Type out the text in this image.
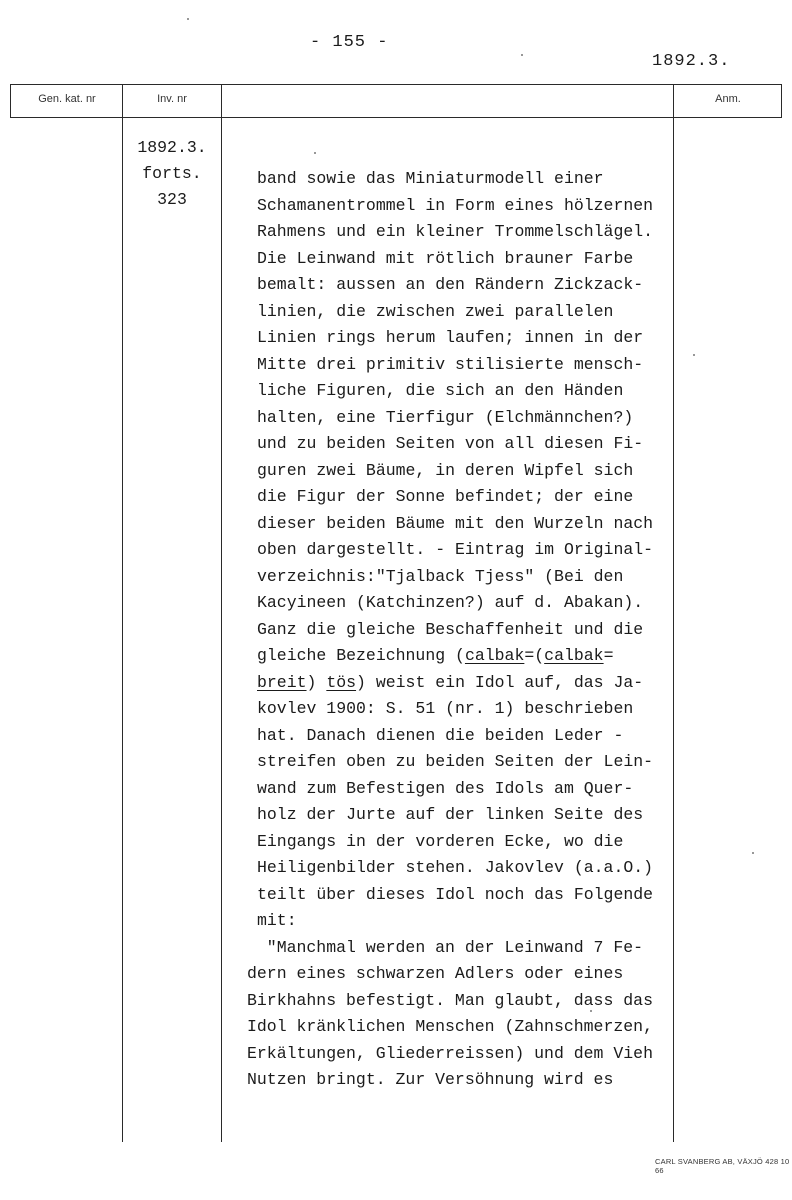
- 155 -
1892.3.
Gen. kat. nr	Inv. nr	Anm.
1892.3.
forts.
323
band sowie das Miniaturmodell einer
Schamanentrommel in Form eines hölzernen
Rahmens und ein kleiner Trommelschlägel.
Die Leinwand mit rötlich brauner Farbe
bemalt: aussen an den Rändern Zickzack-
linien, die zwischen zwei parallelen
Linien rings herum laufen; innen in der
Mitte drei primitiv stilisierte mensch-
liche Figuren, die sich an den Händen
halten, eine Tierfigur (Elchmännchen?)
und zu beiden Seiten von all diesen Fi-
guren zwei Bäume, in deren Wipfel sich
die Figur der Sonne befindet; der eine
dieser beiden Bäume mit den Wurzeln nach
oben dargestellt. - Eintrag im Original-
verzeichnis:"Tjalback Tjess" (Bei den
Kacyineen (Katchinzen?) auf d. Abakan).
Ganz die gleiche Beschaffenheit und die
gleiche Bezeichnung (calbak=(calbak=
breit) tös) weist ein Idol auf, das Ja-
kovlev 1900: S. 51 (nr. 1) beschrieben
hat. Danach dienen die beiden Leder -
streifen oben zu beiden Seiten der Lein-
wand zum Befestigen des Idols am Quer-
holz der Jurte auf der linken Seite des
Eingangs in der vorderen Ecke, wo die
Heiligenbilder stehen. Jakovlev (a.a.O.)
teilt über dieses Idol noch das Folgende
mit:
"Manchmal werden an der Leinwand 7 Fe-
dern eines schwarzen Adlers oder eines
Birkhahns befestigt. Man glaubt, dass das
Idol kränklichen Menschen (Zahnschmerzen,
Erkältungen, Gliederreissen) und dem Vieh
Nutzen bringt. Zur Versöhnung wird es
CARL SVANBERG AB, VÄXJÖ 428 10 66
